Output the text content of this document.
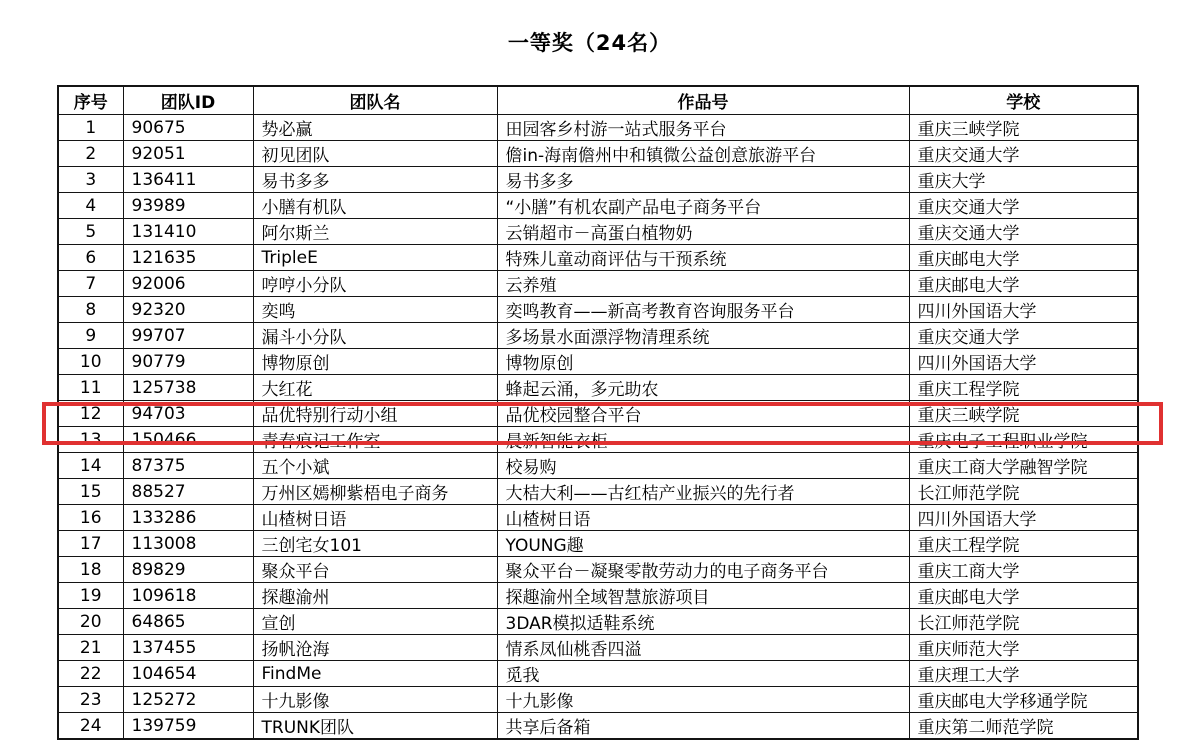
一等奖（24名）
序号	团队ID	团队名	作品号	学校
1	90675	势必赢	田园客乡村游一站式服务平台	重庆三峡学院
2	92051	初见团队	儋in-海南儋州中和镇微公益创意旅游平台	重庆交通大学
3	136411	易书多多	易书多多	重庆大学
4	93989	小膳有机队	“小膳”有机农副产品电子商务平台	重庆交通大学
5	131410	阿尔斯兰	云销超市－高蛋白植物奶	重庆交通大学
6	121635	TripleE	特殊儿童动商评估与干预系统	重庆邮电大学
7	92006	哼哼小分队	云养殖	重庆邮电大学
8	92320	奕鸣	奕鸣教育——新高考教育咨询服务平台	四川外国语大学
9	99707	漏斗小分队	多场景水面漂浮物清理系统	重庆交通大学
10	90779	博物原创	博物原创	四川外国语大学
11	125738	大红花	蜂起云涌，多元助农	重庆工程学院
12	94703	品优特别行动小组	品优校园整合平台	重庆三峡学院
13	150466	青春痕记工作室	晨新智能衣柜	重庆电子工程职业学院
14	87375	五个小斌	校易购	重庆工商大学融智学院
15	88527	万州区嫣柳紫梧电子商务	大桔大利——古红桔产业振兴的先行者	长江师范学院
16	133286	山楂树日语	山楂树日语	四川外国语大学
17	113008	三创宅女101	YOUNG趣	重庆工程学院
18	89829	聚众平台	聚众平台－凝聚零散劳动力的电子商务平台	重庆工商大学
19	109618	探趣渝州	探趣渝州全域智慧旅游项目	重庆邮电大学
20	64865	宣创	3DAR模拟适鞋系统	长江师范学院
21	137455	扬帆沧海	情系凤仙桃香四溢	重庆师范大学
22	104654	FindMe	觅我	重庆理工大学
23	125272	十九影像	十九影像	重庆邮电大学移通学院
24	139759	TRUNK团队	共享后备箱	重庆第二师范学院
